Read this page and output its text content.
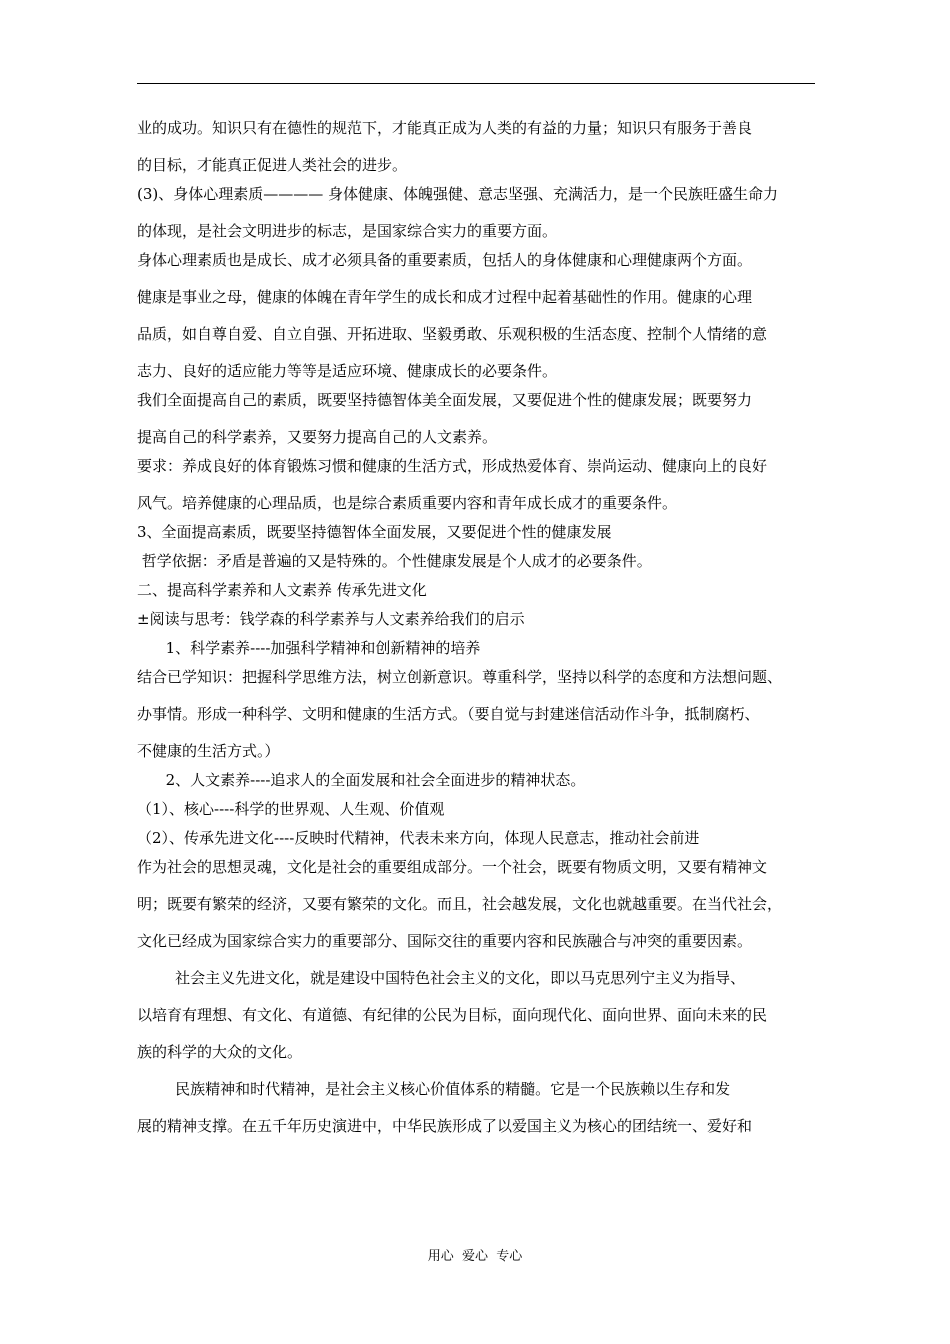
业的成功。知识只有在德性的规范下，才能真正成为人类的有益的力量；知识只有服务于善良
的目标，才能真正促进人类社会的进步。
(3)、身体心理素质———— 身体健康、体魄强健、意志坚强、充满活力，是一个民族旺盛生命力
的体现，是社会文明进步的标志，是国家综合实力的重要方面。
身体心理素质也是成长、成才必须具备的重要素质，包括人的身体健康和心理健康两个方面。
健康是事业之母，健康的体魄在青年学生的成长和成才过程中起着基础性的作用。健康的心理
品质，如自尊自爱、自立自强、开拓进取、坚毅勇敢、乐观积极的生活态度、控制个人情绪的意
志力、良好的适应能力等等是适应环境、健康成长的必要条件。
我们全面提高自己的素质，既要坚持德智体美全面发展，又要促进个性的健康发展；既要努力
提高自己的科学素养，又要努力提高自己的人文素养。
要求：养成良好的体育锻炼习惯和健康的生活方式，形成热爱体育、崇尚运动、健康向上的良好
风气。培养健康的心理品质，也是综合素质重要内容和青年成长成才的重要条件。
3、全面提高素质，既要坚持德智体全面发展，又要促进个性的健康发展
哲学依据：矛盾是普遍的又是特殊的。个性健康发展是个人成才的必要条件。
二、提高科学素养和人文素养 传承先进文化
±阅读与思考：钱学森的科学素养与人文素养给我们的启示
1、科学素养----加强科学精神和创新精神的培养
结合已学知识：把握科学思维方法，树立创新意识。尊重科学，坚持以科学的态度和方法想问题、
办事情。形成一种科学、文明和健康的生活方式。（要自觉与封建迷信活动作斗争，抵制腐朽、
不健康的生活方式。）
2、人文素养----追求人的全面发展和社会全面进步的精神状态。
（1）、核心----科学的世界观、人生观、价值观
（2）、传承先进文化----反映时代精神，代表未来方向，体现人民意志，推动社会前进
作为社会的思想灵魂，文化是社会的重要组成部分。一个社会，既要有物质文明，又要有精神文
明；既要有繁荣的经济，又要有繁荣的文化。而且，社会越发展，文化也就越重要。在当代社会，
文化已经成为国家综合实力的重要部分、国际交往的重要内容和民族融合与冲突的重要因素。
社会主义先进文化，就是建设中国特色社会主义的文化，即以马克思列宁主义为指导、
以培育有理想、有文化、有道德、有纪律的公民为目标，面向现代化、面向世界、面向未来的民
族的科学的大众的文化。
民族精神和时代精神，是社会主义核心价值体系的精髓。它是一个民族赖以生存和发
展的精神支撑。在五千年历史演进中，中华民族形成了以爱国主义为核心的团结统一、爱好和
用心  爱心  专心
